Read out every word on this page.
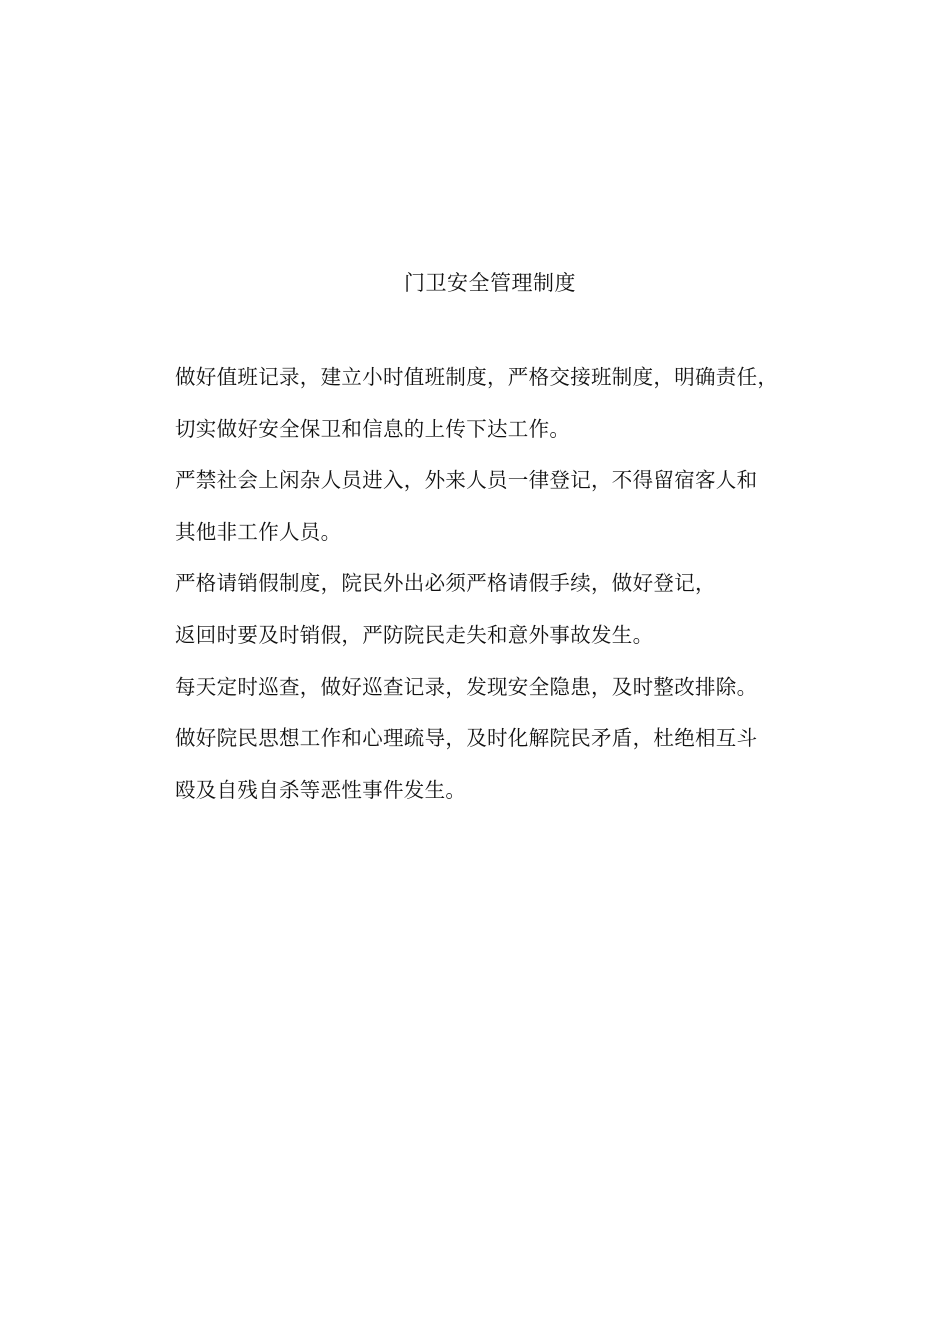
门卫安全管理制度
做好值班记录，建立小时值班制度，严格交接班制度，明确责任，
切实做好安全保卫和信息的上传下达工作。
严禁社会上闲杂人员进入，外来人员一律登记，不得留宿客人和
其他非工作人员。
严格请销假制度，院民外出必须严格请假手续，做好登记，
返回时要及时销假，严防院民走失和意外事故发生。
每天定时巡查，做好巡查记录，发现安全隐患，及时整改排除。
做好院民思想工作和心理疏导，及时化解院民矛盾，杜绝相互斗
殴及自残自杀等恶性事件发生。
